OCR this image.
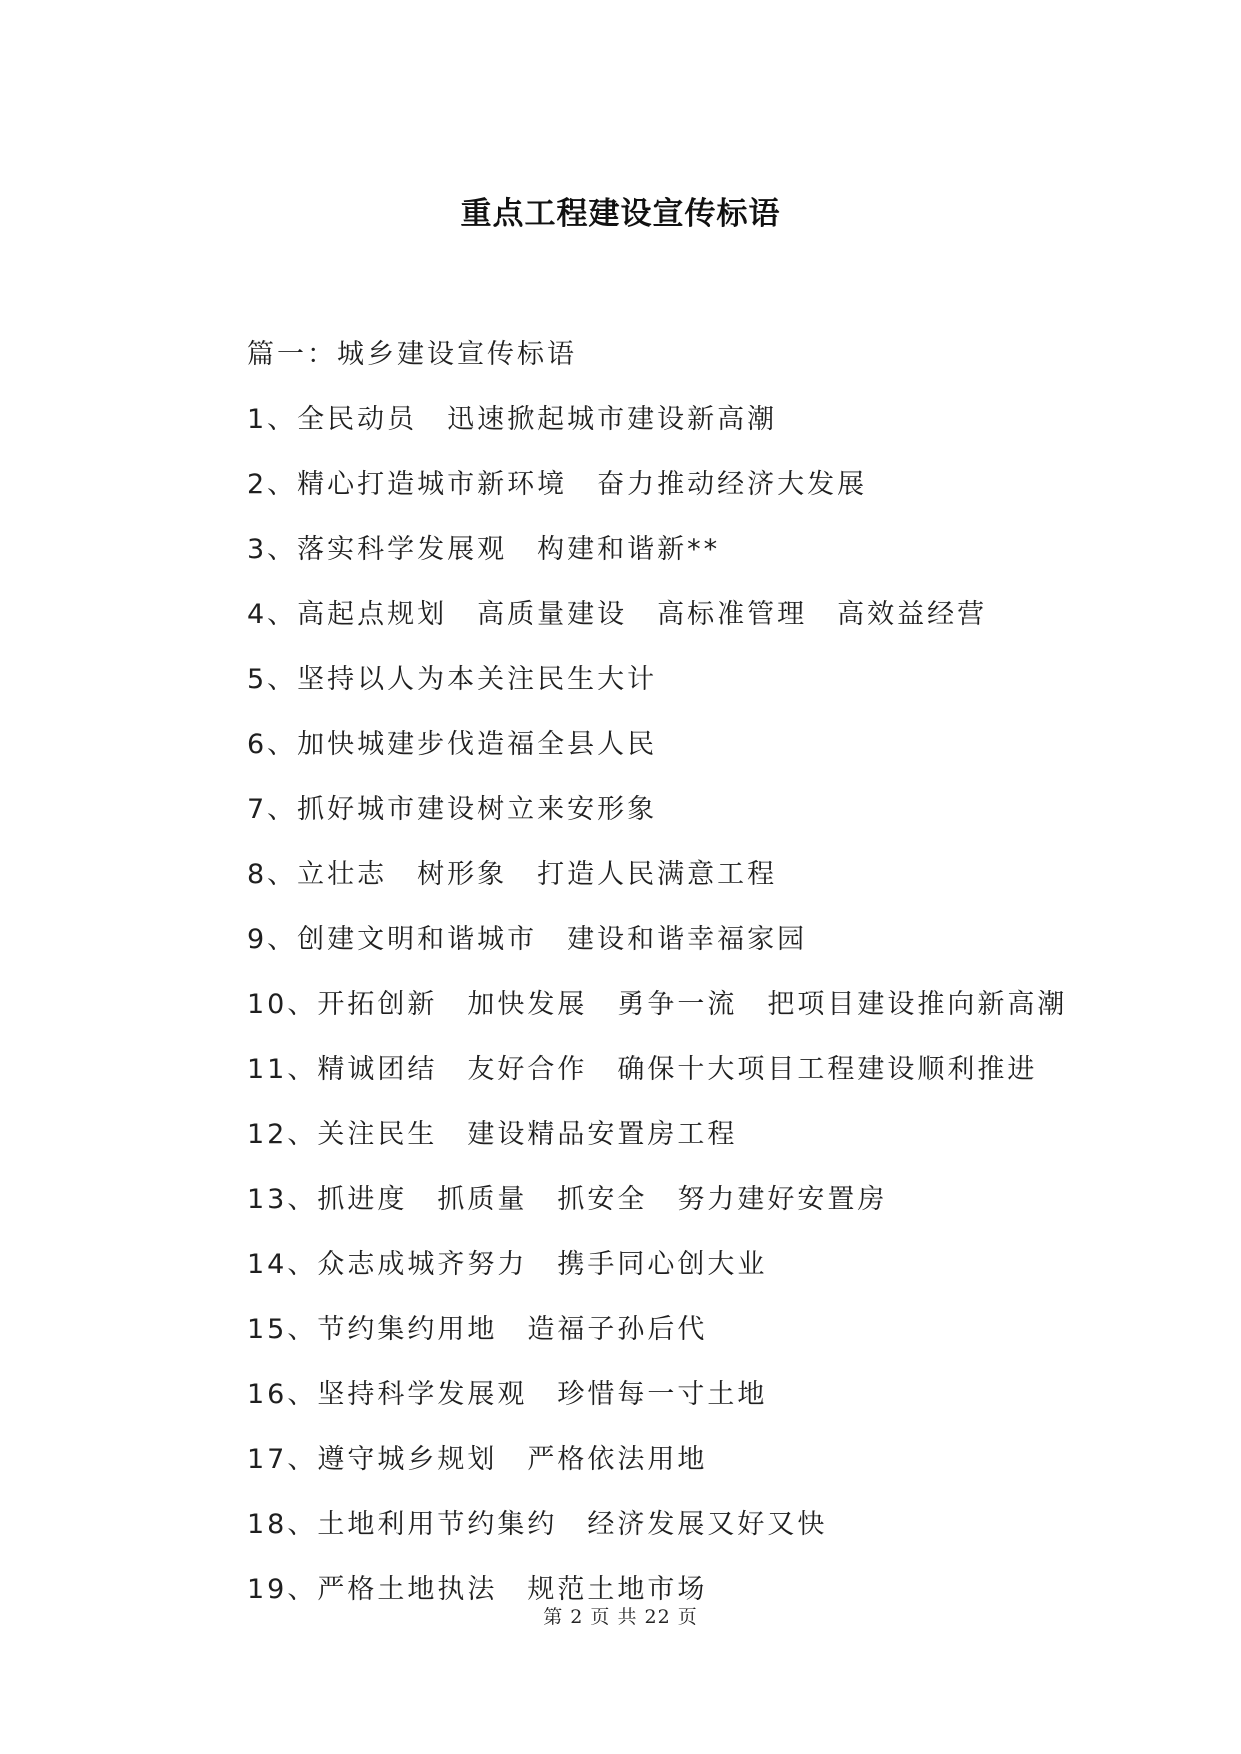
重点工程建设宣传标语
篇一：城乡建设宣传标语
1、全民动员　迅速掀起城市建设新高潮
2、精心打造城市新环境　奋力推动经济大发展
3、落实科学发展观　构建和谐新**
4、高起点规划　高质量建设　高标准管理　高效益经营
5、坚持以人为本关注民生大计
6、加快城建步伐造福全县人民
7、抓好城市建设树立来安形象
8、立壮志　树形象　打造人民满意工程
9、创建文明和谐城市　建设和谐幸福家园
10、开拓创新　加快发展　勇争一流　把项目建设推向新高潮
11、精诚团结　友好合作　确保十大项目工程建设顺利推进
12、关注民生　建设精品安置房工程
13、抓进度　抓质量　抓安全　努力建好安置房
14、众志成城齐努力　携手同心创大业
15、节约集约用地　造福子孙后代
16、坚持科学发展观　珍惜每一寸土地
17、遵守城乡规划　严格依法用地
18、土地利用节约集约　经济发展又好又快
19、严格土地执法　规范土地市场
第 2 页 共 22 页
